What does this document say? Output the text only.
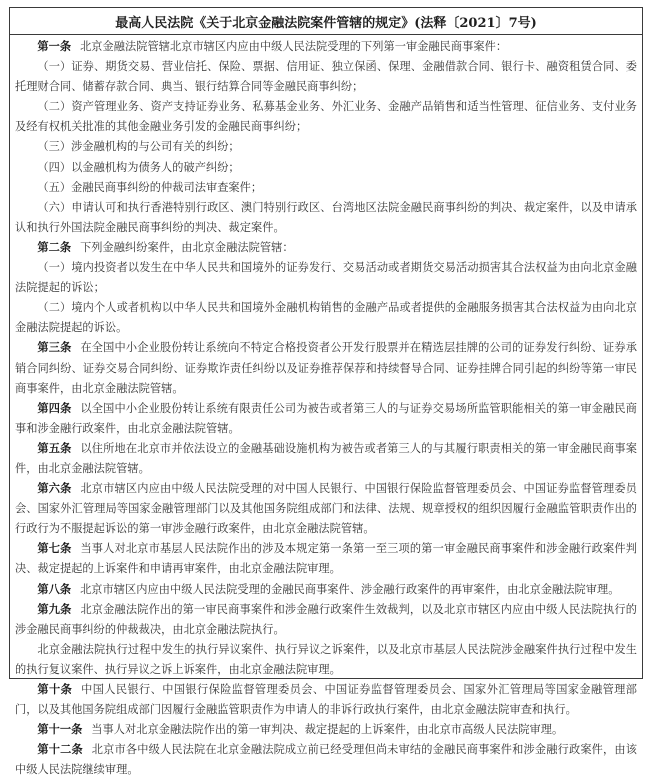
最高人民法院《关于北京金融法院案件管辖的规定》(法释〔2021〕7号)

第一条 北京金融法院管辖北京市辖区内应由中级人民法院受理的下列第一审金融民商事案件：

（一）证券、期货交易、营业信托、保险、票据、信用证、独立保函、保理、金融借款合同、银行卡、融资租赁合同、委托理财合同、储蓄存款合同、典当、银行结算合同等金融民商事纠纷；

（二）资产管理业务、资产支持证券业务、私募基金业务、外汇业务、金融产品销售和适当性管理、征信业务、支付业务及经有权机关批准的其他金融业务引发的金融民商事纠纷；

（三）涉金融机构的与公司有关的纠纷；

（四）以金融机构为债务人的破产纠纷；

（五）金融民商事纠纷的仲裁司法审查案件；

（六）申请认可和执行香港特别行政区、澳门特别行政区、台湾地区法院金融民商事纠纷的判决、裁定案件，以及申请承认和执行外国法院金融民商事纠纷的判决、裁定案件。

第二条 下列金融纠纷案件，由北京金融法院管辖：

（一）境内投资者以发生在中华人民共和国境外的证券发行、交易活动或者期货交易活动损害其合法权益为由向北京金融法院提起的诉讼；

（二）境内个人或者机构以中华人民共和国境外金融机构销售的金融产品或者提供的金融服务损害其合法权益为由向北京金融法院提起的诉讼。

第三条 在全国中小企业股份转让系统向不特定合格投资者公开发行股票并在精选层挂牌的公司的证券发行纠纷、证券承销合同纠纷、证券交易合同纠纷、证券欺诈责任纠纷以及证券推荐保荐和持续督导合同、证券挂牌合同引起的纠纷等第一审民商事案件，由北京金融法院管辖。

第四条 以全国中小企业股份转让系统有限责任公司为被告或者第三人的与证券交易场所监管职能相关的第一审金融民商事和涉金融行政案件，由北京金融法院管辖。

第五条 以住所地在北京市并依法设立的金融基础设施机构为被告或者第三人的与其履行职责相关的第一审金融民商事案件，由北京金融法院管辖。

第六条 北京市辖区内应由中级人民法院受理的对中国人民银行、中国银行保险监督管理委员会、中国证券监督管理委员会、国家外汇管理局等国家金融管理部门以及其他国务院组成部门和法律、法规、规章授权的组织因履行金融监管职责作出的行政行为不服提起诉讼的第一审涉金融行政案件，由北京金融法院管辖。

第七条 当事人对北京市基层人民法院作出的涉及本规定第一条第一至三项的第一审金融民商事案件和涉金融行政案件判决、裁定提起的上诉案件和申请再审案件，由北京金融法院审理。

第八条 北京市辖区内应由中级人民法院受理的金融民商事案件、涉金融行政案件的再审案件，由北京金融法院审理。

第九条 北京金融法院作出的第一审民商事案件和涉金融行政案件生效裁判，以及北京市辖区内应由中级人民法院执行的涉金融民商事纠纷的仲裁裁决，由北京金融法院执行。

北京金融法院执行过程中发生的执行异议案件、执行异议之诉案件，以及北京市基层人民法院涉金融案件执行过程中发生的执行复议案件、执行异议之诉上诉案件，由北京金融法院审理。

第十条 中国人民银行、中国银行保险监督管理委员会、中国证券监督管理委员会、国家外汇管理局等国家金融管理部门，以及其他国务院组成部门因履行金融监管职责作为申请人的非诉行政执行案件，由北京金融法院审查和执行。

第十一条 当事人对北京金融法院作出的第一审判决、裁定提起的上诉案件，由北京市高级人民法院审理。

第十二条 北京市各中级人民法院在北京金融法院成立前已经受理但尚未审结的金融民商事案件和涉金融行政案件，由该中级人民法院继续审理。
